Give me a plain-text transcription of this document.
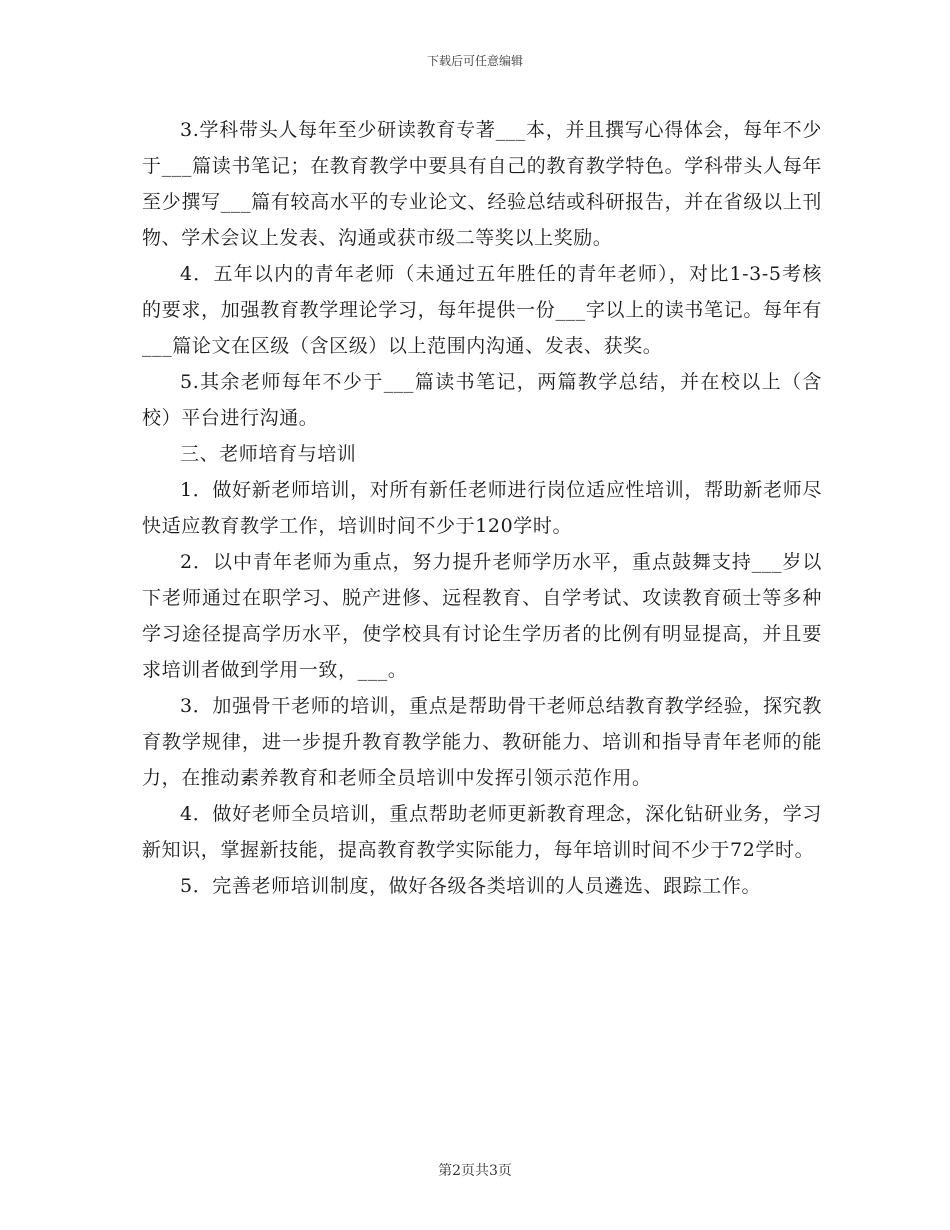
下载后可任意编辑

3.学科带头人每年至少研读教育专著___本，并且撰写心得体会，每年不少于___篇读书笔记；在教育教学中要具有自己的教育教学特色。学科带头人每年至少撰写___篇有较高水平的专业论文、经验总结或科研报告，并在省级以上刊物、学术会议上发表、沟通或获市级二等奖以上奖励。

4．五年以内的青年老师（未通过五年胜任的青年老师），对比1-3-5考核的要求，加强教育教学理论学习，每年提供一份___字以上的读书笔记。每年有___篇论文在区级（含区级）以上范围内沟通、发表、获奖。

5.其余老师每年不少于___篇读书笔记，两篇教学总结，并在校以上（含校）平台进行沟通。

三、老师培育与培训

1．做好新老师培训，对所有新任老师进行岗位适应性培训，帮助新老师尽快适应教育教学工作，培训时间不少于120学时。

2．以中青年老师为重点，努力提升老师学历水平，重点鼓舞支持___岁以下老师通过在职学习、脱产进修、远程教育、自学考试、攻读教育硕士等多种学习途径提高学历水平，使学校具有讨论生学历者的比例有明显提高，并且要求培训者做到学用一致，___。

3．加强骨干老师的培训，重点是帮助骨干老师总结教育教学经验，探究教育教学规律，进一步提升教育教学能力、教研能力、培训和指导青年老师的能力，在推动素养教育和老师全员培训中发挥引领示范作用。

4．做好老师全员培训，重点帮助老师更新教育理念，深化钻研业务，学习新知识，掌握新技能，提高教育教学实际能力，每年培训时间不少于72学时。

5．完善老师培训制度，做好各级各类培训的人员遴选、跟踪工作。

第2页共3页
